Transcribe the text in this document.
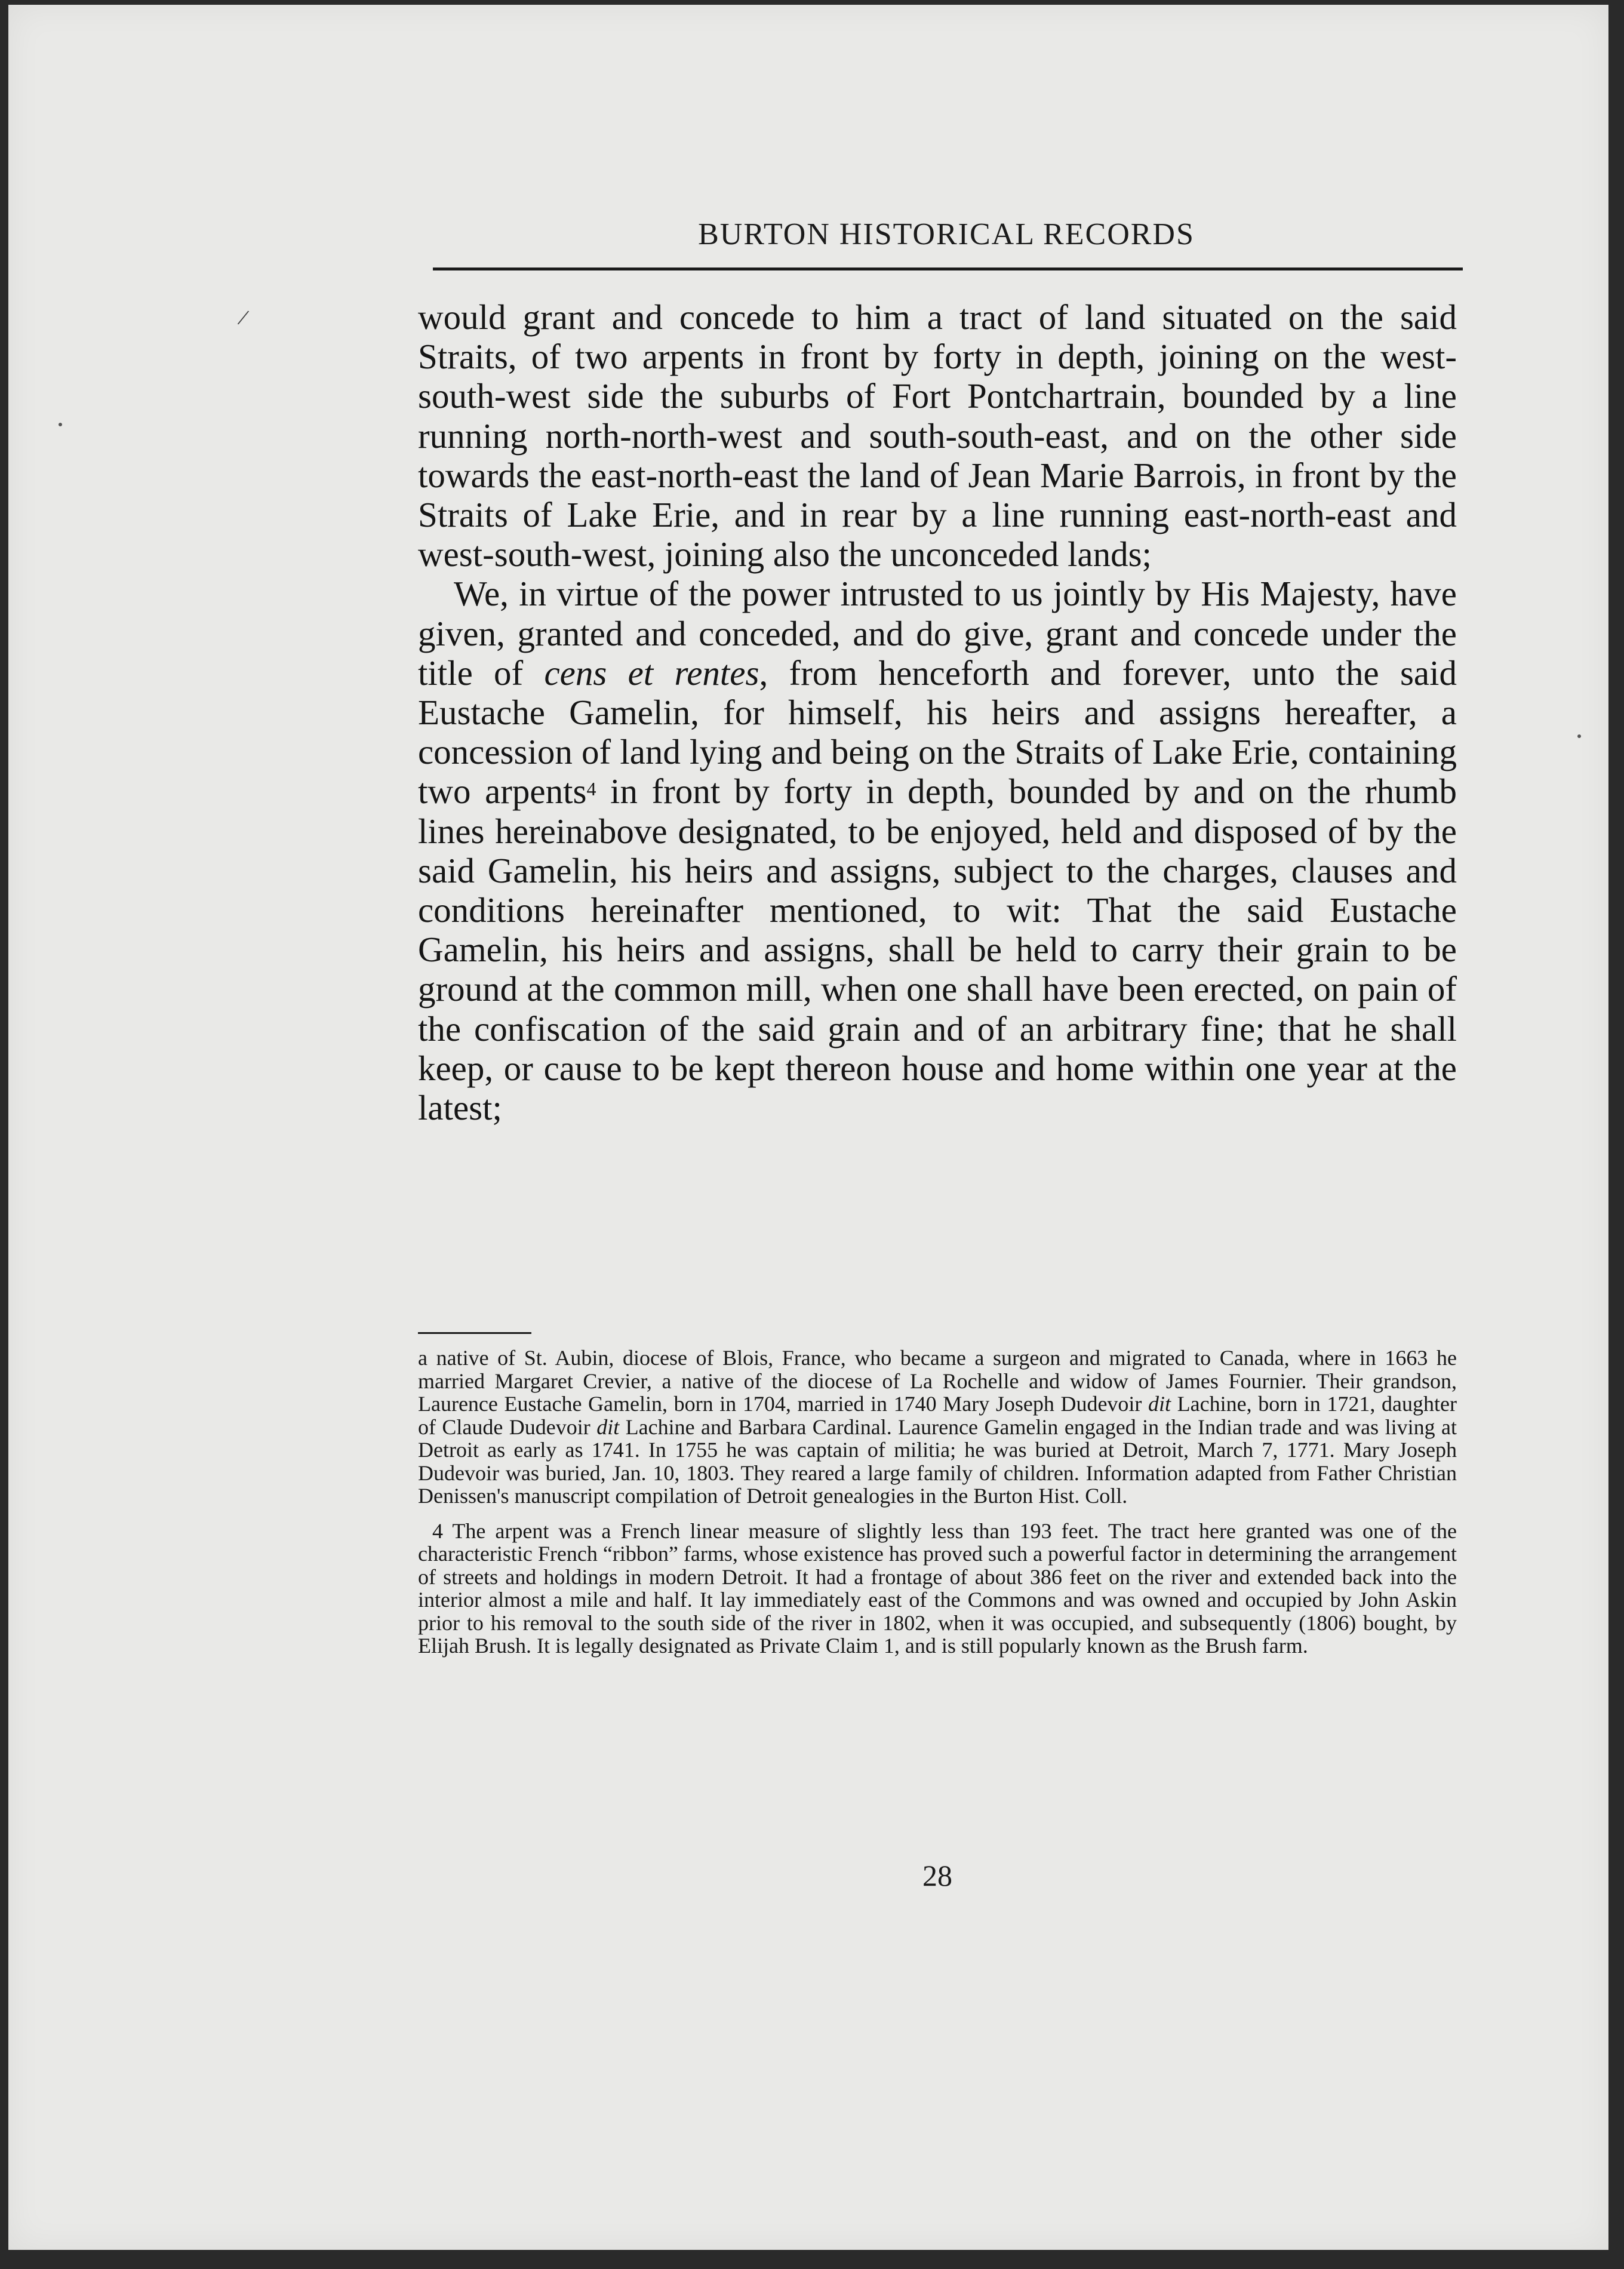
/
BURTON HISTORICAL RECORDS

would grant and concede to him a tract of land situated on the said Straits, of two arpents in front by forty in depth, joining on the west-south-west side the suburbs of Fort Pontchartrain, bounded by a line running north-north-west and south-south-east, and on the other side towards the east-north-east the land of Jean Marie Barrois, in front by the Straits of Lake Erie, and in rear by a line running east-north-east and west-south-west, joining also the unconceded lands;

We, in virtue of the power intrusted to us jointly by His Majesty, have given, granted and conceded, and do give, grant and concede under the title of cens et rentes, from henceforth and forever, unto the said Eustache Gamelin, for himself, his heirs and assigns hereafter, a concession of land lying and being on the Straits of Lake Erie, containing two arpents$^4$ in front by forty in depth, bounded by and on the rhumb lines hereinabove designated, to be enjoyed, held and disposed of by the said Gamelin, his heirs and assigns, subject to the charges, clauses and conditions hereinafter mentioned, to wit: That the said Eustache Gamelin, his heirs and assigns, shall be held to carry their grain to be ground at the common mill, when one shall have been erected, on pain of the confiscation of the said grain and of an arbitrary fine; that he shall keep, or cause to be kept thereon house and home within one year at the latest;

a native of St. Aubin, diocese of Blois, France, who became a surgeon and migrated to Canada, where in 1663 he married Margaret Crevier, a native of the diocese of La Rochelle and widow of James Fournier. Their grandson, Laurence Eustache Gamelin, born in 1704, married in 1740 Mary Joseph Dudevoir dit Lachine, born in 1721, daughter of Claude Dudevoir dit Lachine and Barbara Cardinal. Laurence Gamelin engaged in the Indian trade and was living at Detroit as early as 1741. In 1755 he was captain of militia; he was buried at Detroit, March 7, 1771. Mary Joseph Dudevoir was buried, Jan. 10, 1803. They reared a large family of children. Information adapted from Father Christian Denissen's manuscript compilation of Detroit genealogies in the Burton Hist. Coll.

4 The arpent was a French linear measure of slightly less than 193 feet. The tract here granted was one of the characteristic French “ribbon” farms, whose existence has proved such a powerful factor in determining the arrangement of streets and holdings in modern Detroit. It had a frontage of about 386 feet on the river and extended back into the interior almost a mile and half. It lay immediately east of the Commons and was owned and occupied by John Askin prior to his removal to the south side of the river in 1802, when it was occupied, and subsequently (1806) bought, by Elijah Brush. It is legally designated as Private Claim 1, and is still popularly known as the Brush farm.

28
